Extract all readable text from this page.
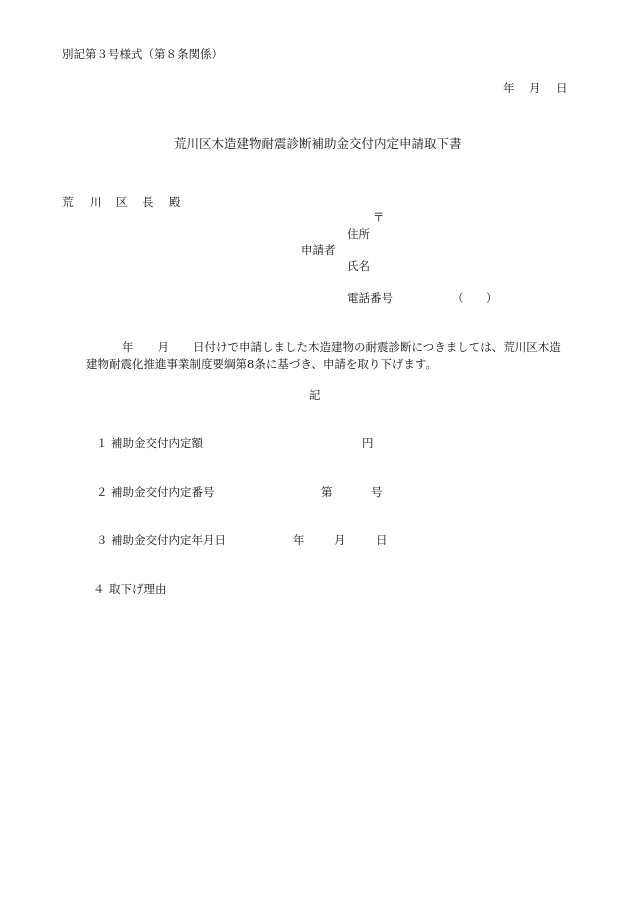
別記第３号様式（第８条関係）
年 月 日
荒川区木造建物耐震診断補助金交付内定申請取下書
荒 川 区 長 殿
〒
住所
申請者
氏名
電話番号	（ ）
年 月 日付けで申請しました木造建物の耐震診断につきましては、荒川区木造建物耐震化推進事業制度要綱第8条に基づき、申請を取り下げます。
記
１ 補助金交付内定額	円
２ 補助金交付内定番号	第	号
３ 補助金交付内定年月日	年	月	日
４ 取下げ理由
